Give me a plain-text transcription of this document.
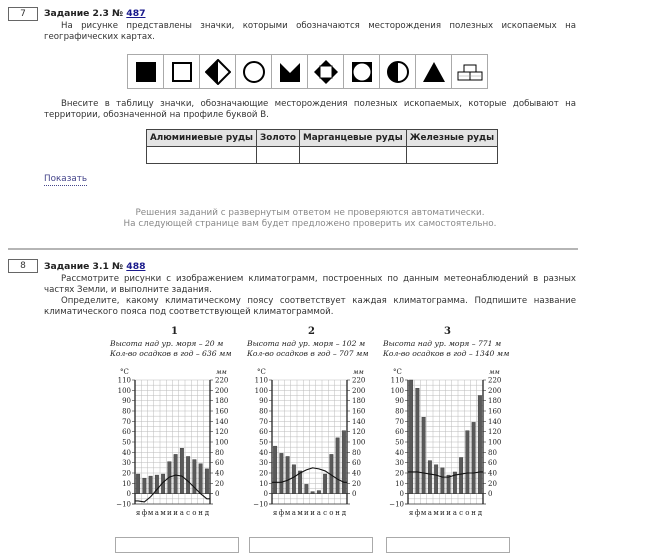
7	Задание 2.3 № 487
На рисунке представлены значки, которыми обозначаются месторождения полезных ископаемых на географических картах.
Внесите в таблицу значки, обозначающие месторождения полезных ископаемых, которые добывают на территории, обозначенной на профиле буквой В.
Алюминиевые руды	Золото	Марганцевые руды	Железные руды

Показать
Решения заданий с развернутым ответом не проверяются автоматически.
На следующей странице вам будет предложено проверить их самостоятельно.
8	Задание 3.1 № 488
Рассмотрите рисунки с изображением климатограмм, построенных по данным метеонаблюдений в разных частях Земли, и выполните задания.
Определите, какому климатическому поясу соответствует каждая климатограмма. Подпишите название климатического пояса под соответствующей климатограммой.
1
Высота над ур. моря – 20 м
Кол-во осадков в год – 636 мм
°C	мм
−10
0
10
20
30
40
50
60
70
80
90
100
110
0
20
40
60
80
100
120
140
160
180
200
220
я ф м а м и и а с о н д
2
Высота над ур. моря – 102 м
Кол-во осадков в год – 707 мм
°C	мм
−10
0
10
20
30
40
50
60
70
80
90
100
110
0
20
40
60
80
100
120
140
160
180
200
220
я ф м а м и и а с о н д
3
Высота над ур. моря – 771 м
Кол-во осадков в год – 1340 мм
°C	мм
−10
0
10
20
30
40
50
60
70
80
90
100
110
0
20
40
60
80
100
120
140
160
180
200
220
я ф м а м и и а с о н д
